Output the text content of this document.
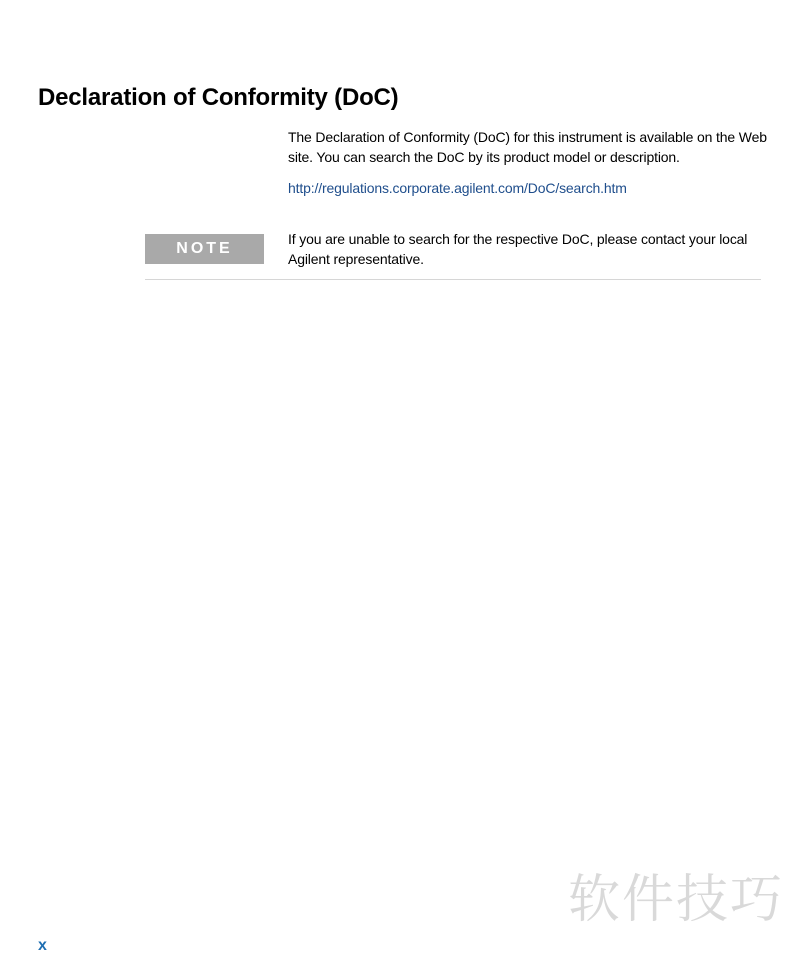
Declaration of Conformity (DoC)

The Declaration of Conformity (DoC) for this instrument is available on the Web site. You can search the DoC by its product model or description.

http://regulations.corporate.agilent.com/DoC/search.htm
NOTE

If you are unable to search for the respective DoC, please contact your local Agilent representative.

x
软件技巧
